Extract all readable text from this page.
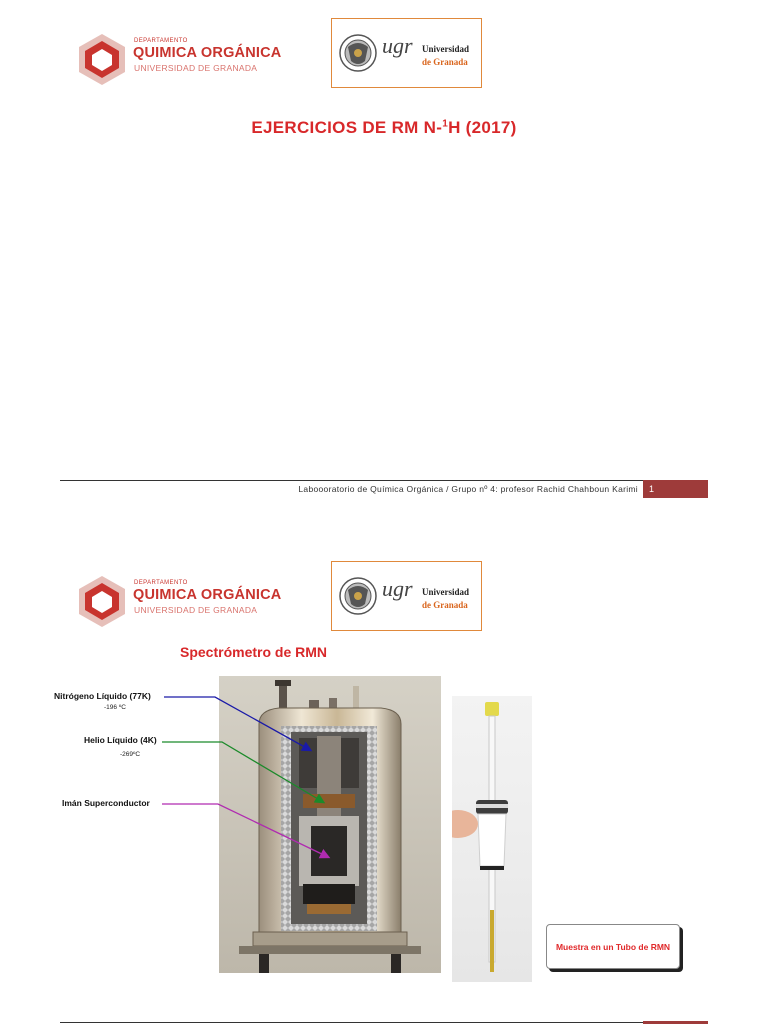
DEPARTAMENTO
QUIMICA ORGÁNICA
UNIVERSIDAD DE GRANADA
ugr Universidad
de Granada
EJERCICIOS DE RM N-$^1$H (2017)
Laboooratorio de Química Orgánica / Grupo nº 4: profesor Rachid Chahboun Karimi	1
DEPARTAMENTO
QUIMICA ORGÁNICA
UNIVERSIDAD DE GRANADA
ugr Universidad
de Granada
Spectrómetro de RMN
Nitrógeno Líquido (77K)
-196 ºC
Helio Líquido (4K)
-269ºC
Imán Superconductor
Muestra en un Tubo de RMN
